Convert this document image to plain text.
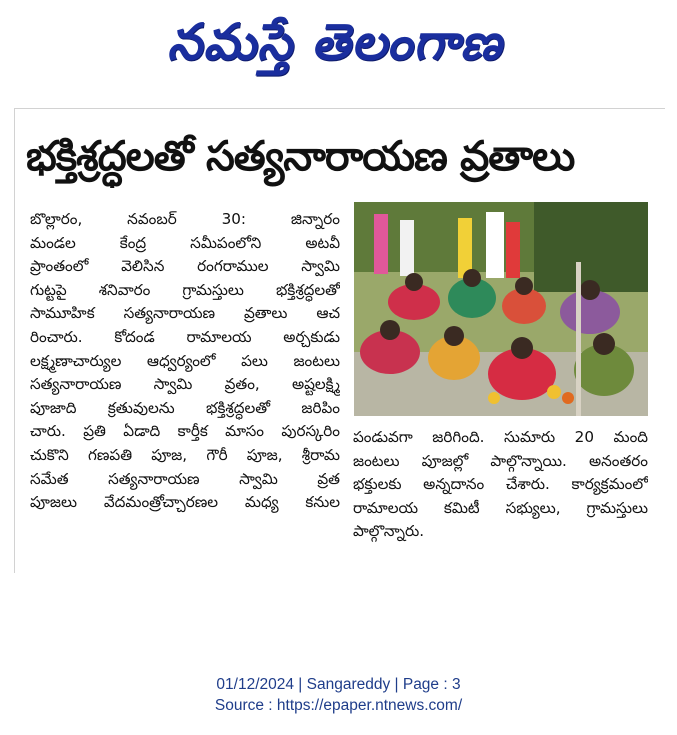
నమస్తే తెలంగాణ
భక్తిశ్రద్ధలతో సత్యనారాయణ వ్రతాలు

బొల్లారం, నవంబర్ 30: జిన్నారం

మండల కేంద్ర సమీపంలోని అటవీ

ప్రాంతంలో వెలిసిన రంగరాముల స్వామి

గుట్టపై శనివారం గ్రామస్తులు భక్తిశ్రద్ధలతో

సామూహిక సత్యనారాయణ వ్రతాలు ఆచ

రించారు. కోదండ రామాలయ అర్చకుడు

లక్ష్మణాచార్యుల ఆధ్వర్యంలో పలు జంటలు

సత్యనారాయణ స్వామి వ్రతం, అష్టలక్ష్మి

పూజాది క్రతువులను భక్తిశ్రద్ధలతో జరిపిం

చారు. ప్రతి ఏడాది కార్తీక మాసం పురస్కరిం

చుకొని గణపతి పూజ, గౌరీ పూజ, శ్రీరామ

సమేత సత్యనారాయణ స్వామి వ్రత

పూజలు వేదమంత్రోచ్చారణల మధ్య కనుల

పండువగా జరిగింది. సుమారు 20 మంది

జంటలు పూజల్లో పాల్గొన్నాయి. అనంతరం

భక్తులకు అన్నదానం చేశారు. కార్యక్రమంలో

రామాలయ కమిటీ సభ్యులు, గ్రామస్తులు

పాల్గొన్నారు.

01/12/2024 | Sangareddy | Page : 3
Source : https://epaper.ntnews.com/
